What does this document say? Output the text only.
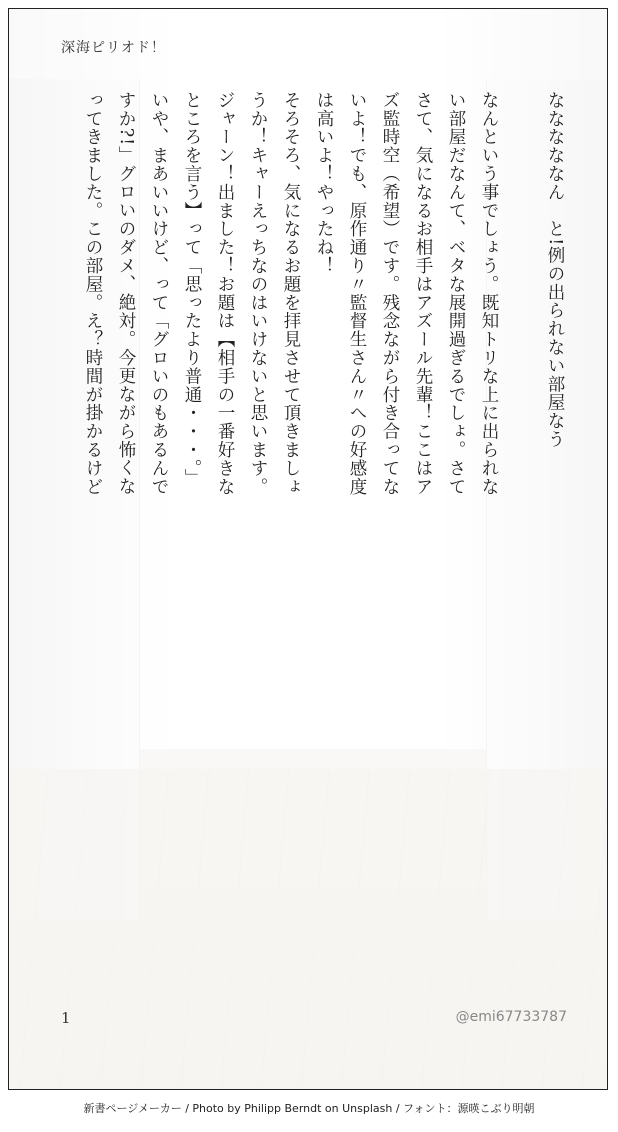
深海ピリオド！
なななななん　と!例の出られない部屋なう

なんという事でしょう。既知トリな上に出られな
い部屋だなんて、ベタな展開過ぎるでしょ。さて
さて、気になるお相手はアズール先輩！ここはア
ズ監時空（希望）です。残念ながら付き合ってな
いよ！でも、原作通り〃監督生さん〃への好感度
は高いよ！やったね！
そろそろ、気になるお題を拝見させて頂きましょ
うか！キャーえっちなのはいけないと思います。
ジャーン！出ました！お題は【相手の一番好きな
ところを言う】って「思ったより普通・・・。」
いや、まあいいけど、って「グロいのもあるんで
すか?!」グロいのダメ、絶対。今更ながら怖くな
ってきました。この部屋。え？時間が掛かるけど

1	@emi67733787
新書ページメーカー / Photo by Philipp Berndt on Unsplash / フォント：源暎こぶり明朝
